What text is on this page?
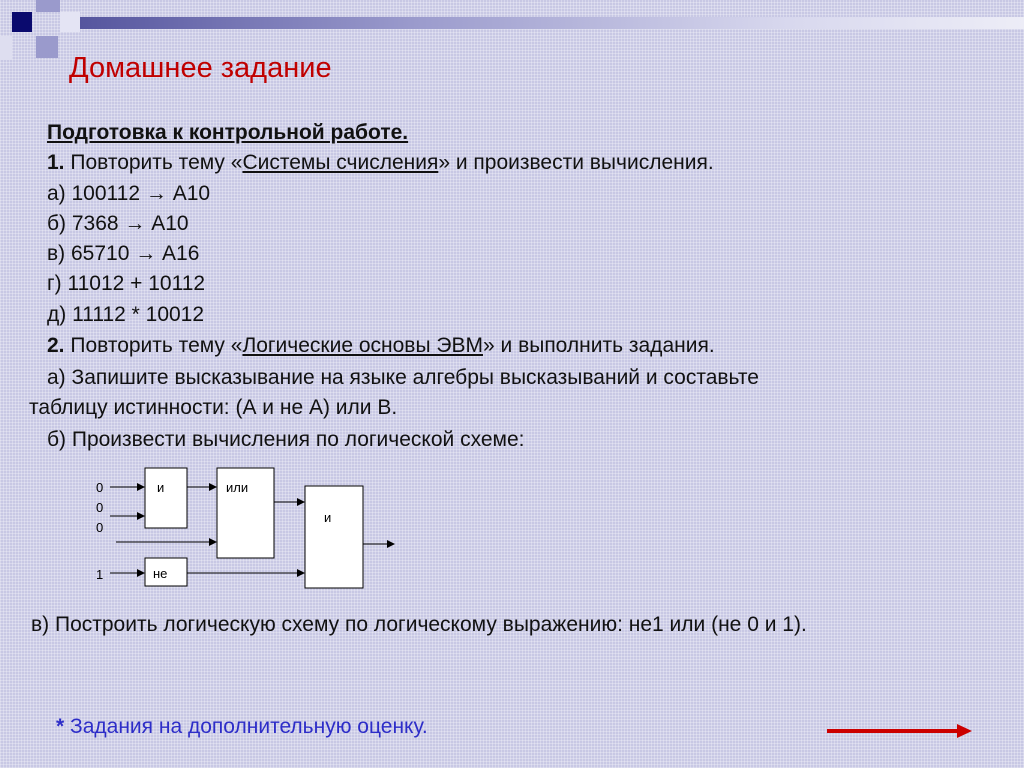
Домашнее задание
Подготовка к контрольной работе.
1. Повторить тему «Системы счисления» и произвести вычисления.
а) 100112 → А10
б) 7368 → А10
в) 65710 → А16
г) 11012 + 10112
д) 11112 * 10012
2. Повторить тему «Логические основы ЭВМ» и выполнить задания.
а) Запишите высказывание на языке алгебры высказываний и составьте
таблицу истинности: (А и не А) или В.
б) Произвести вычисления по логической схеме:
0
0
0
1
и	или
и
не
в) Построить логическую схему по логическому выражению: не1 или (не 0 и 1).
* Задания на дополнительную оценку.
